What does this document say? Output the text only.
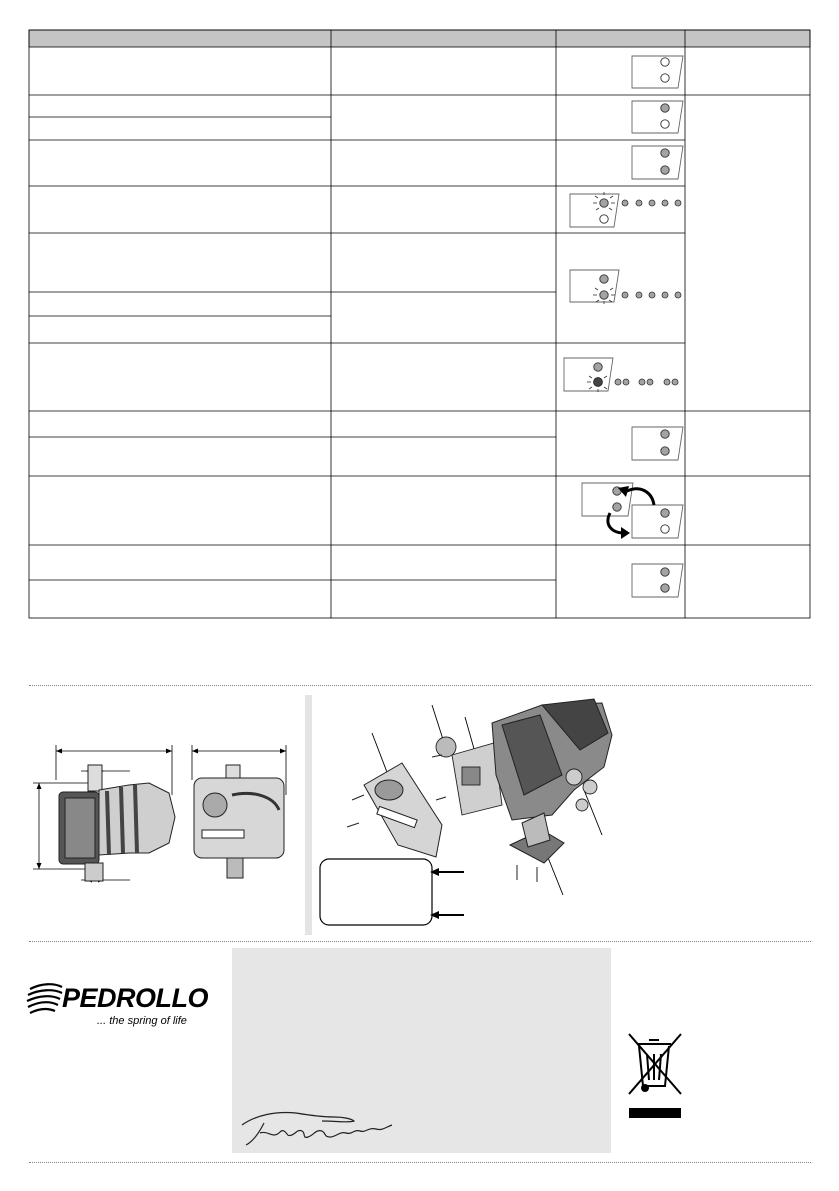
PEDROLLO
... the spring of life
